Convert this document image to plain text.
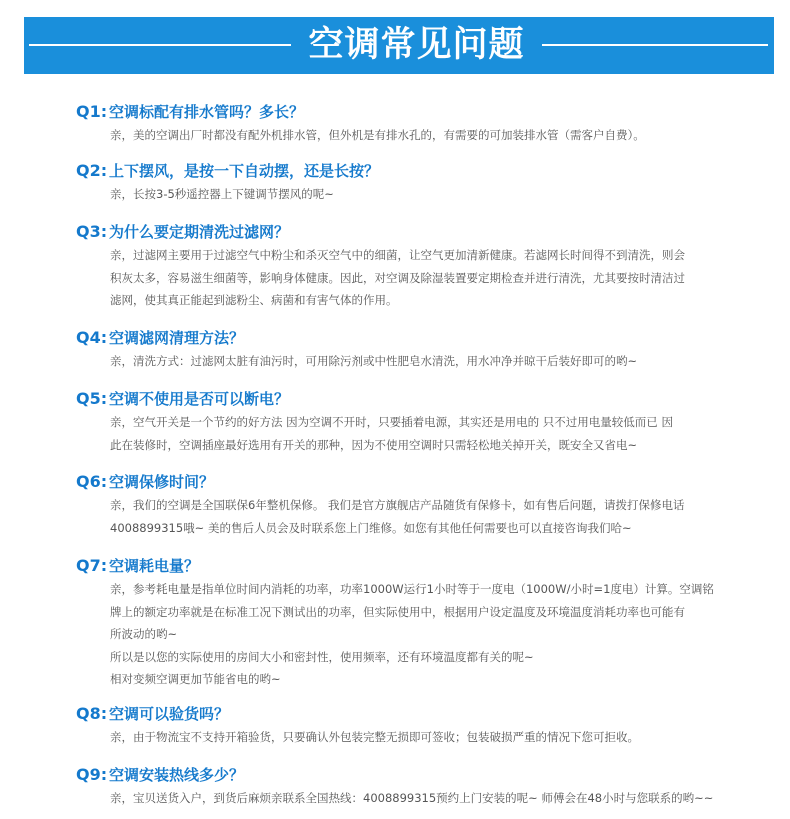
空调常见问题
Q1: 空调标配有排水管吗？多长？
亲，美的空调出厂时都没有配外机排水管，但外机是有排水孔的，有需要的可加装排水管（需客户自费）。
Q2: 上下摆风，是按一下自动摆，还是长按？
亲，长按3-5秒遥控器上下键调节摆风的呢~
Q3: 为什么要定期清洗过滤网？
亲，过滤网主要用于过滤空气中粉尘和杀灭空气中的细菌，让空气更加清新健康。若滤网长时间得不到清洗，则会
积灰太多，容易滋生细菌等，影响身体健康。因此，对空调及除湿装置要定期检查并进行清洗，尤其要按时清洁过
滤网，使其真正能起到滤粉尘、病菌和有害气体的作用。
Q4: 空调滤网清理方法？
亲，清洗方式：过滤网太脏有油污时，可用除污剂或中性肥皂水清洗，用水冲净并晾干后装好即可的哟~
Q5: 空调不使用是否可以断电？
亲，空气开关是一个节约的好方法 因为空调不开时，只要插着电源，其实还是用电的 只不过用电量较低而已 因
此在装修时，空调插座最好选用有开关的那种，因为不使用空调时只需轻松地关掉开关，既安全又省电~
Q6: 空调保修时间？
亲，我们的空调是全国联保6年整机保修。 我们是官方旗舰店产品随货有保修卡，如有售后问题，请拨打保修电话
4008899315哦~ 美的售后人员会及时联系您上门维修。如您有其他任何需要也可以直接咨询我们哈~
Q7: 空调耗电量？
亲，参考耗电量是指单位时间内消耗的功率，功率1000W运行1小时等于一度电（1000W/小时=1度电）计算。空调铭
牌上的额定功率就是在标准工况下测试出的功率，但实际使用中，根据用户设定温度及环境温度消耗功率也可能有
所波动的哟~
所以是以您的实际使用的房间大小和密封性，使用频率，还有环境温度都有关的呢~
相对变频空调更加节能省电的哟~
Q8: 空调可以验货吗？
亲，由于物流宝不支持开箱验货，只要确认外包装完整无损即可签收；包装破损严重的情况下您可拒收。
Q9: 空调安装热线多少？
亲，宝贝送货入户，到货后麻烦亲联系全国热线：4008899315预约上门安装的呢~ 师傅会在48小时与您联系的哟~~
